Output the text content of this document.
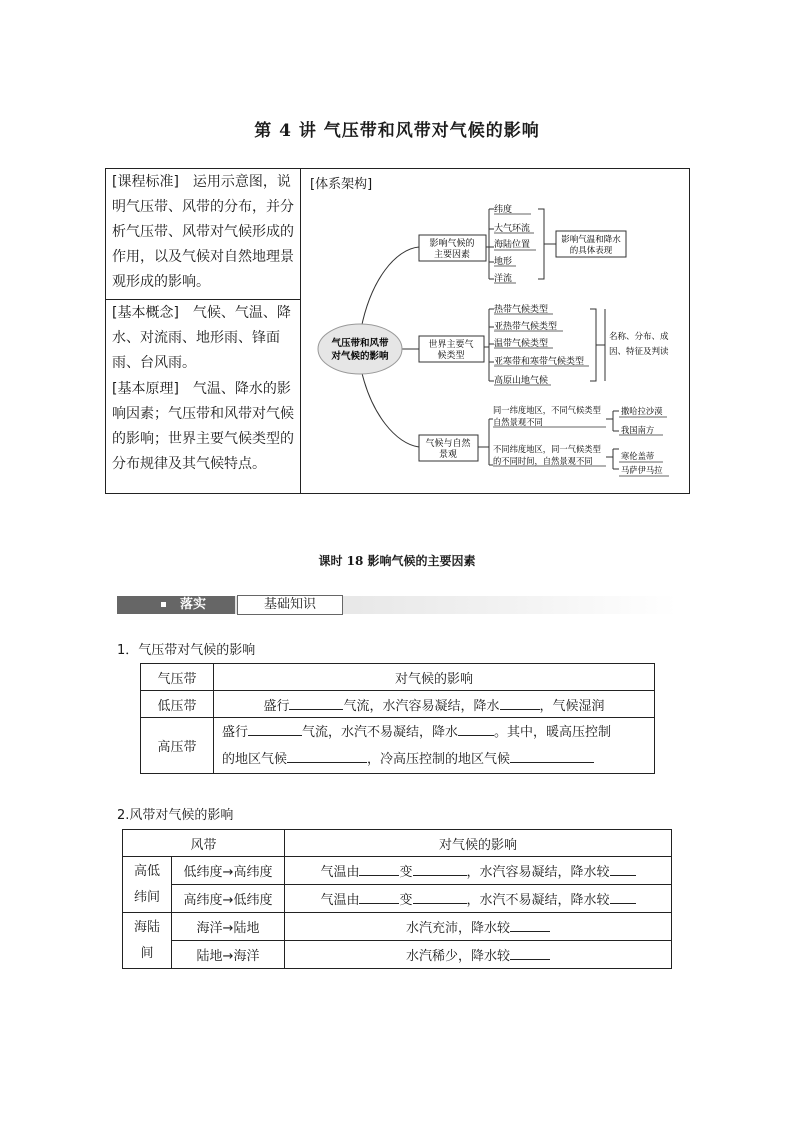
第 4 讲 气压带和风带对气候的影响
[课程标准]　运用示意图，说明气压带、风带的分布，并分析气压带、风带对气候形成的作用，以及气候对自然地理景观形成的影响。
[基本概念]　气候、气温、降水、对流雨、地形雨、锋面雨、台风雨。
[基本原理]　气温、降水的影响因素；气压带和风带对气候的影响；世界主要气候类型的分布规律及其气候特点。
[体系架构]
气压带和风带
对气候的影响
影响气候的
主要因素
世界主要气
候类型
气候与自然
景观
纬度
大气环流
海陆位置
地形
洋流
影响气温和降水
的具体表现
热带气候类型
亚热带气候类型
温带气候类型
亚寒带和寒带气候类型
高原山地气候
名称、分布、成
因、特征及判读
同一纬度地区，不同气候类型
自然景观不同
撒哈拉沙漠
我国南方
不同纬度地区，同一气候类型
的不同时间，自然景观不同	寒伦盖蒂
马萨伊马拉
课时 18 影响气候的主要因素
落实	基础知识
1．气压带对气候的影响
气压带	对气候的影响
低压带	盛行 气流，水汽容易凝结，降水 ，气候湿润
高压带	盛行 气流，水汽不易凝结，降水 。其中，暖高压控制
的地区气候 ，冷高压控制的地区气候
2.风带对气候的影响
风带		对气候的影响
高低
纬间	低纬度→高纬度	气温由 变 ，水汽容易凝结，降水较
	高纬度→低纬度	气温由 变 ，水汽不易凝结，降水较
海陆
间	海洋→陆地	水汽充沛，降水较
	陆地→海洋	水汽稀少，降水较
